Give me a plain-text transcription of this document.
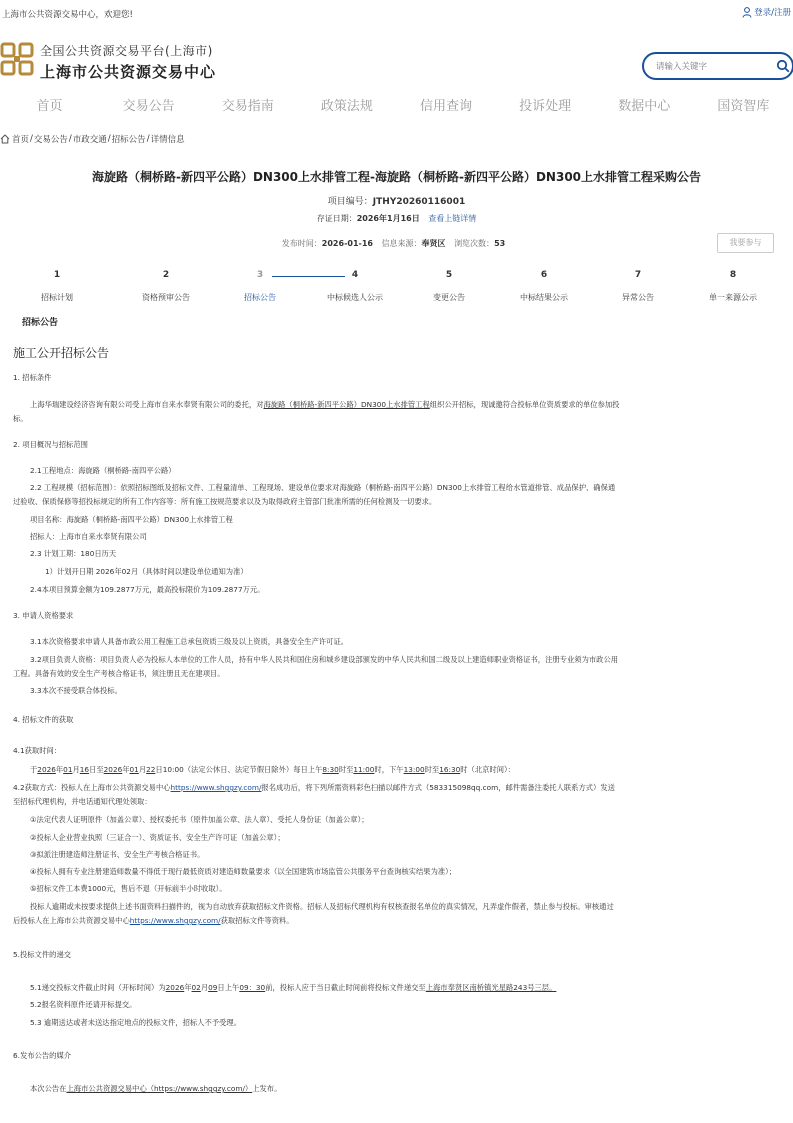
上海市公共资源交易中心，欢迎您!	登录/注册
全国公共资源交易平台(上海市)
上海市公共资源交易中心
请输入关键字
首页	交易公告	交易指南	政策法规	信用查询	投诉处理	数据中心	国资智库
首页 / 交易公告 / 市政交通 / 招标公告 / 详情信息
海旋路（桐桥路-新四平公路）DN300上水排管工程-海旋路（桐桥路-新四平公路）DN300上水排管工程采购公告
项目编号：JTHY20260116001
存证日期：2026年1月16日 查看上链详情
发布时间：2026-01-16 信息来源：奉贤区 浏览次数：53	我要参与
1
招标计划
2
资格预审公告
3
招标公告
4
中标候选人公示
5
变更公告
6
中标结果公示
7
异常公告
8
单一来源公示
招标公告
施工公开招标公告
1. 招标条件
上海华瑞建设经济咨询有限公司受上海市自来水奉贤有限公司的委托，对海旋路（桐桥路-新四平公路）DN300上水排管工程组织公开招标，现诚邀符合投标单位资质要求的单位参加投
标。
2. 项目概况与招标范围
2.1工程地点：海旋路（桐桥路-南四平公路）
2.2 工程规模（招标范围）：依照招标图纸及招标文件、工程量清单、工程现场、建设单位要求对海旋路（桐桥路-南四平公路）DN300上水排管工程给水管道排管、成品保护、确保通
过验收、保质保修等招投标规定的所有工作内容等：所有施工按规范要求以及为取得政府主管部门批准所需的任何检测及一切要求。
项目名称：海旋路（桐桥路-南四平公路）DN300上水排管工程
招标人：上海市自来水奉贤有限公司
2.3 计划工期：180日历天
1）计划开日期 2026年02月（具体时间以建设单位通知为准）
2.4本项目预算金额为109.2877万元，最高投标限价为109.2877万元。
3. 申请人资格要求
3.1本次资格要求申请人具备市政公用工程施工总承包资质三级及以上资质，具备安全生产许可证。
3.2项目负责人资格：项目负责人必为投标人本单位的工作人员，持有中华人民共和国住房和城乡建设部颁发的中华人民共和国二级及以上建造师职业资格证书，注册专业须为市政公用
工程。具备有效的安全生产考核合格证书，须注册且无在建项目。
3.3本次不接受联合体投标。
4. 招标文件的获取
4.1获取时间：
于2026年01月16日至2026年01月22日10:00（法定公休日、法定节假日除外）每日上午8:30时至11:00时，下午13:00时至16:30时（北京时间）：
4.2获取方式：投标人在上海市公共资源交易中心https://www.shggzy.com/报名成功后，将下列所需资料彩色扫描以邮件方式（583315098qq.com，邮件需备注委托人联系方式）发送
至招标代理机构，并电话通知代理处领取：
①法定代表人证明原件（加盖公章）、授权委托书（原件加盖公章、法人章）、受托人身份证（加盖公章）；
②投标人企业营业执照（三证合一）、资质证书、安全生产许可证（加盖公章）；
③拟派注册建造师注册证书、安全生产考核合格证书。
④投标人拥有专业注册建造师数量不得低于现行最低资质对建造师数量要求（以全国建筑市场监管公共服务平台查询核实结果为准）；
⑤招标文件工本费1000元，售后不退（开标前半小时收取）。
投标人逾期或未按要求提供上述书面资料扫描件的，视为自动放弃获取招标文件资格。招标人及招标代理机构有权核查报名单位的真实情况，凡弄虚作假者，禁止参与投标。审核通过
后投标人在上海市公共资源交易中心https://www.shggzy.com/获取招标文件等资料。
5.投标文件的递交
5.1递交投标文件截止时间（开标时间）为2026年02月09日上午09：30前，投标人应于当日截止时间前将投标文件递交至上海市奉贤区南桥镇光星路243号三层。
5.2报名资料原件还请开标提交。
5.3 逾期送达或者未送达指定地点的投标文件，招标人不予受理。
6.发布公告的媒介
本次公告在上海市公共资源交易中心（https://www.shggzy.com/）上发布。
